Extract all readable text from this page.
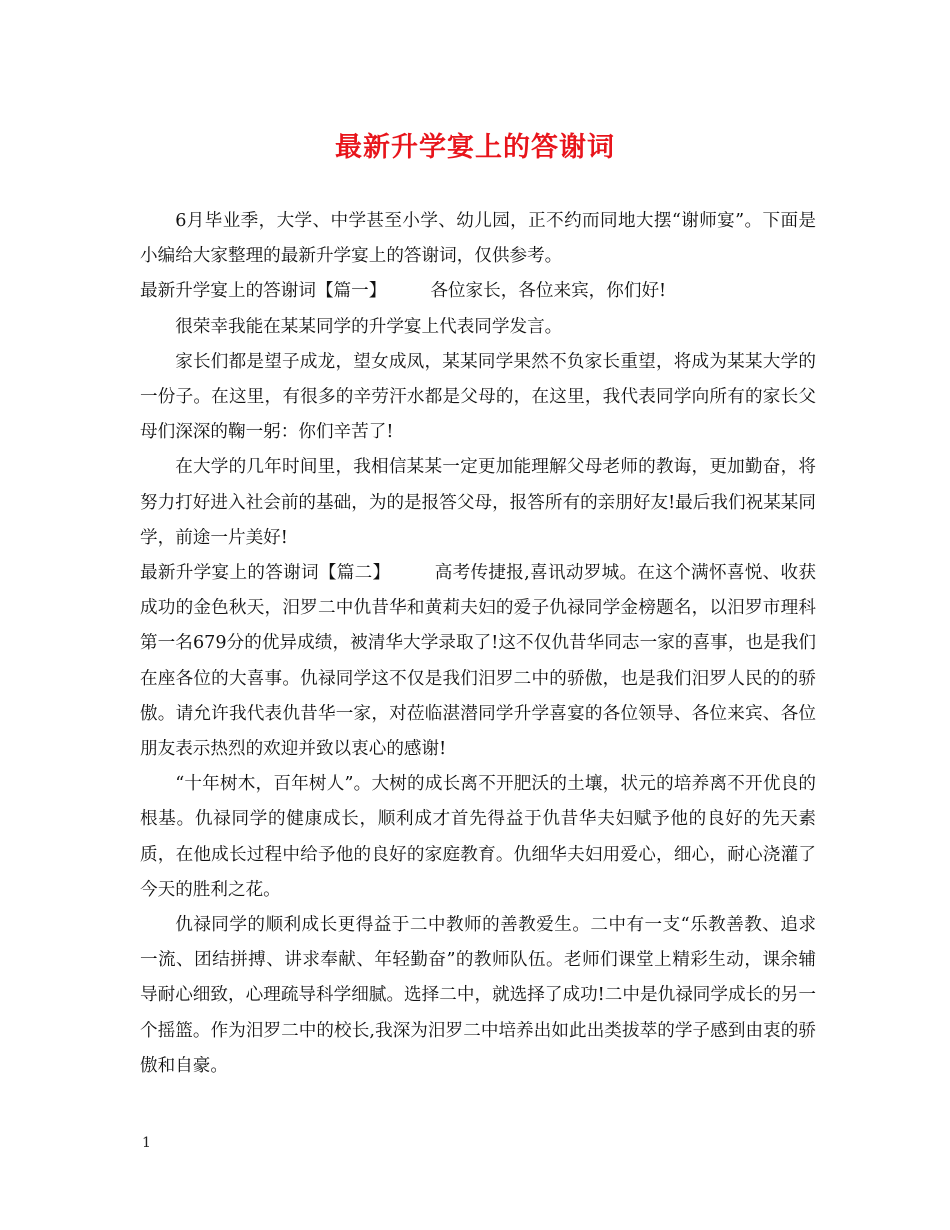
最新升学宴上的答谢词

6月毕业季，大学、中学甚至小学、幼儿园，正不约而同地大摆“谢师宴”。下面是小编给大家整理的最新升学宴上的答谢词，仅供参考。

最新升学宴上的答谢词【篇一】	各位家长，各位来宾，你们好!

很荣幸我能在某某同学的升学宴上代表同学发言。

家长们都是望子成龙，望女成凤，某某同学果然不负家长重望，将成为某某大学的一份子。在这里，有很多的辛劳汗水都是父母的，在这里，我代表同学向所有的家长父母们深深的鞠一躬：你们辛苦了!

在大学的几年时间里，我相信某某一定更加能理解父母老师的教诲，更加勤奋，将努力打好进入社会前的基础，为的是报答父母，报答所有的亲朋好友!最后我们祝某某同学，前途一片美好!

最新升学宴上的答谢词【篇二】	高考传捷报,喜讯动罗城。在这个满怀喜悦、收获成功的金色秋天，汨罗二中仇昔华和黄莉夫妇的爱子仇禄同学金榜题名，以汨罗市理科第一名679分的优异成绩，被清华大学录取了!这不仅仇昔华同志一家的喜事，也是我们在座各位的大喜事。仇禄同学这不仅是我们汨罗二中的骄傲，也是我们汨罗人民的的骄傲。请允许我代表仇昔华一家，对莅临湛潜同学升学喜宴的各位领导、各位来宾、各位朋友表示热烈的欢迎并致以衷心的感谢!

“十年树木，百年树人”。大树的成长离不开肥沃的土壤，状元的培养离不开优良的根基。仇禄同学的健康成长，顺利成才首先得益于仇昔华夫妇赋予他的良好的先天素质，在他成长过程中给予他的良好的家庭教育。仇细华夫妇用爱心，细心，耐心浇灌了今天的胜利之花。

仇禄同学的顺利成长更得益于二中教师的善教爱生。二中有一支“乐教善教、追求一流、团结拼搏、讲求奉献、年轻勤奋”的教师队伍。老师们课堂上精彩生动，课余辅导耐心细致，心理疏导科学细腻。选择二中，就选择了成功!二中是仇禄同学成长的另一个摇篮。作为汨罗二中的校长,我深为汨罗二中培养出如此出类拔萃的学子感到由衷的骄傲和自豪。

1
